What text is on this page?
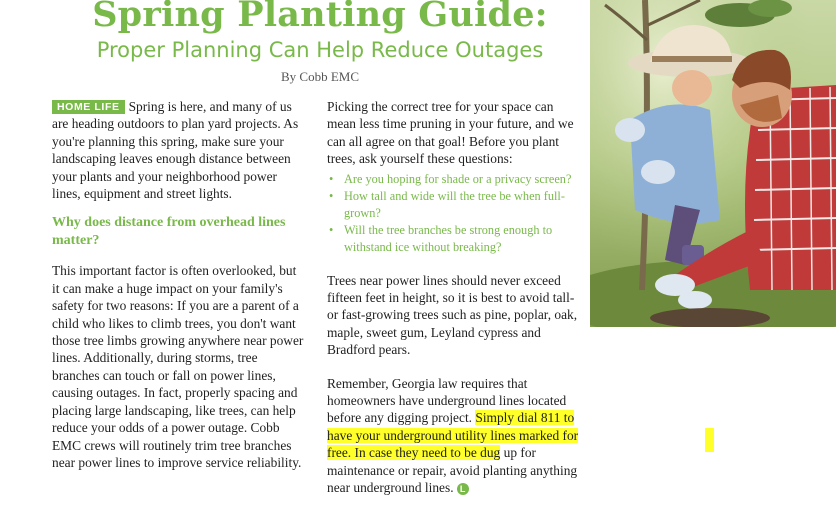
Spring Planting Guide:
Proper Planning Can Help Reduce Outages
By Cobb EMC

HOME LIFE Spring is here, and many of us are heading outdoors to plan yard projects. As you're planning this spring, make sure your landscaping leaves enough distance between your plants and your neighborhood power lines, equipment and street lights.

Why does distance from overhead lines matter?

This important factor is often overlooked, but it can make a huge impact on your family's safety for two reasons: If you are a parent of a child who likes to climb trees, you don't want those tree limbs growing anywhere near power lines. Additionally, during storms, tree branches can touch or fall on power lines, causing outages. In fact, properly spacing and placing large landscaping, like trees, can help reduce your odds of a power outage. Cobb EMC crews will routinely trim tree branches near power lines to improve service reliability.

Picking the correct tree for your space can mean less time pruning in your future, and we can all agree on that goal! Before you plant trees, ask yourself these questions:

• Are you hoping for shade or a privacy screen?
• How tall and wide will the tree be when full-grown?
• Will the tree branches be strong enough to withstand ice without breaking?

Trees near power lines should never exceed fifteen feet in height, so it is best to avoid tall- or fast-growing trees such as pine, poplar, oak, maple, sweet gum, Leyland cypress and Bradford pears.

Remember, Georgia law requires that homeowners have underground lines located before any digging project. Simply dial 811 to have your underground utility lines marked for free. In case they need to be dug up for maintenance or repair, avoid planting anything near underground lines. L
